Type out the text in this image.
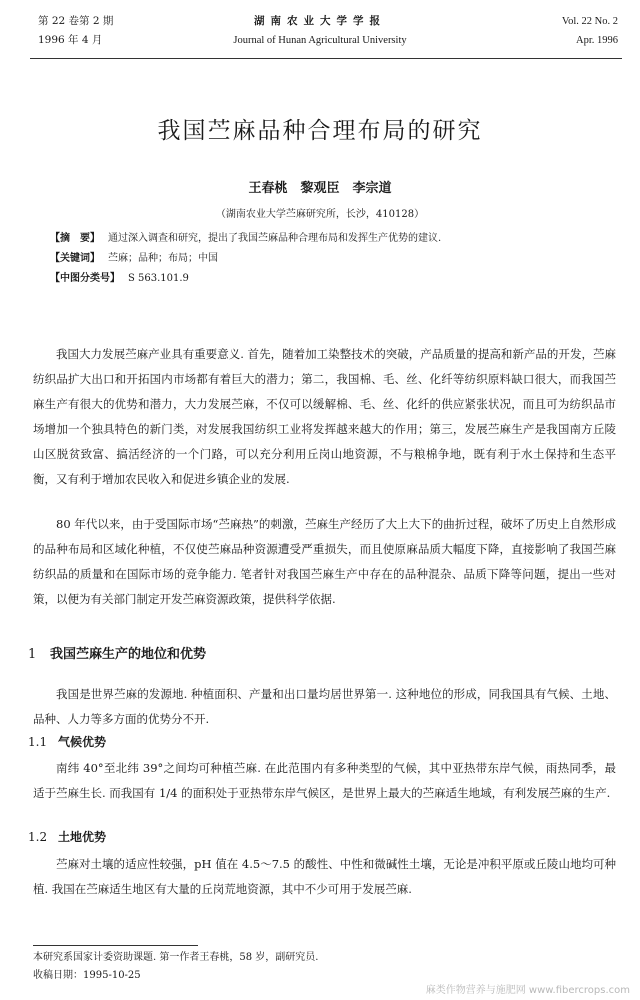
第 22 卷第 2 期
1996 年 4 月
湖南农业大学学报
Journal of Hunan Agricultural University
Vol. 22 No. 2
Apr. 1996
我国苎麻品种合理布局的研究
王春桃　黎观臣　李宗道
（湖南农业大学苎麻研究所，长沙，410128）
【摘　要】 通过深入调查和研究，提出了我国苎麻品种合理布局和发挥生产优势的建议.
【关键词】 苎麻；品种；布局；中国
【中图分类号】 S 563.101.9

我国大力发展苎麻产业具有重要意义. 首先，随着加工染整技术的突破，产品质量的提高和新产品的开发，苎麻纺织品扩大出口和开拓国内市场都有着巨大的潜力；第二，我国棉、毛、丝、化纤等纺织原料缺口很大，而我国苎麻生产有很大的优势和潜力，大力发展苎麻，不仅可以缓解棉、毛、丝、化纤的供应紧张状况，而且可为纺织品市场增加一个独具特色的新门类，对发展我国纺织工业将发挥越来越大的作用；第三，发展苎麻生产是我国南方丘陵山区脱贫致富、搞活经济的一个门路，可以充分利用丘岗山地资源，不与粮棉争地，既有利于水土保持和生态平衡，又有利于增加农民收入和促进乡镇企业的发展.

80 年代以来，由于受国际市场“苎麻热”的刺激，苎麻生产经历了大上大下的曲折过程，破坏了历史上自然形成的品种布局和区域化种植，不仅使苎麻品种资源遭受严重损失，而且使原麻品质大幅度下降，直接影响了我国苎麻纺织品的质量和在国际市场的竞争能力. 笔者针对我国苎麻生产中存在的品种混杂、品质下降等问题，提出一些对策，以便为有关部门制定开发苎麻资源政策，提供科学依据.

1 我国苎麻生产的地位和优势

我国是世界苎麻的发源地. 种植面积、产量和出口量均居世界第一. 这种地位的形成，同我国具有气候、土地、品种、人力等多方面的优势分不开.

1.1 气候优势

南纬 40°至北纬 39°之间均可种植苎麻. 在此范围内有多种类型的气候，其中亚热带东岸气候，雨热同季，最适于苎麻生长. 而我国有 1/4 的面积处于亚热带东岸气候区，是世界上最大的苎麻适生地域，有利发展苎麻的生产.

1.2 土地优势

苎麻对土壤的适应性较强，pH 值在 4.5～7.5 的酸性、中性和微碱性土壤，无论是冲积平原或丘陵山地均可种植. 我国在苎麻适生地区有大量的丘岗荒地资源，其中不少可用于发展苎麻.

本研究系国家计委资助课题. 第一作者王春桃，58 岁，副研究员.
收稿日期：1995-10-25
麻类作物营养与施肥网 www.fibercrops.com
